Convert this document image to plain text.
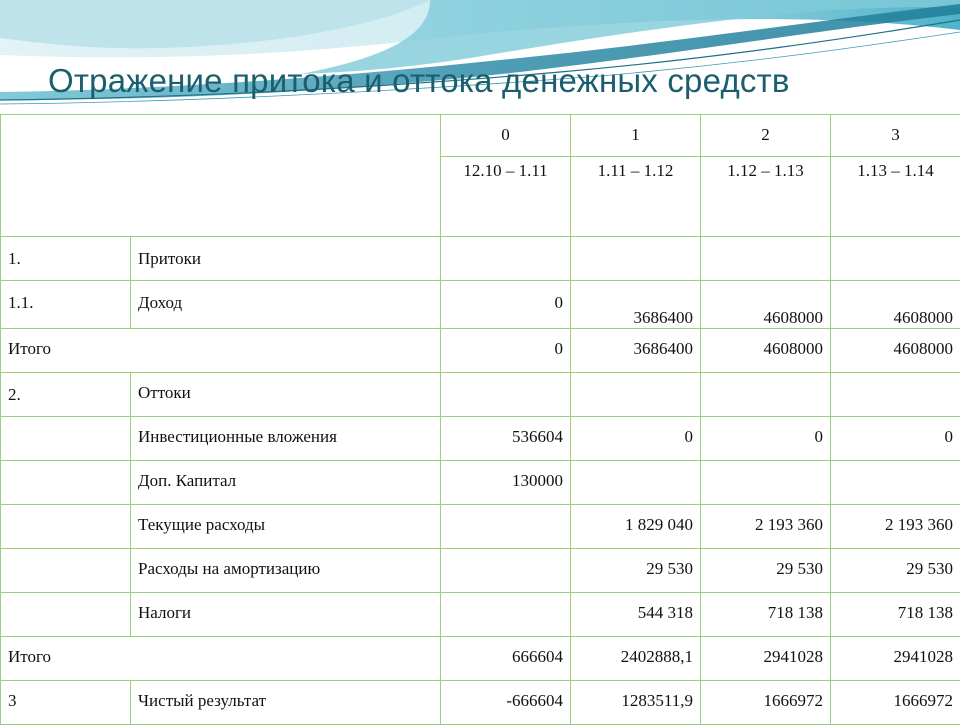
Отражение притока и оттока денежных средств
		0	1	2	3
		12.10 – 1.11	1.11 – 1.12	1.12 – 1.13	1.13 – 1.14
1.	Притоки				
1.1.	Доход	0	3686400	4608000	4608000
Итого		0	3686400	4608000	4608000
2.	Оттоки				
	Инвестиционные вложения	536604	0	0	0
	Доп. Капитал	130000			
	Текущие расходы		1 829 040	2 193 360	2 193 360
	Расходы на амортизацию		29 530	29 530	29 530
	Налоги		544 318	718 138	718 138
Итого		666604	2402888,1	2941028	2941028
3	Чистый результат	-666604	1283511,9	1666972	1666972
